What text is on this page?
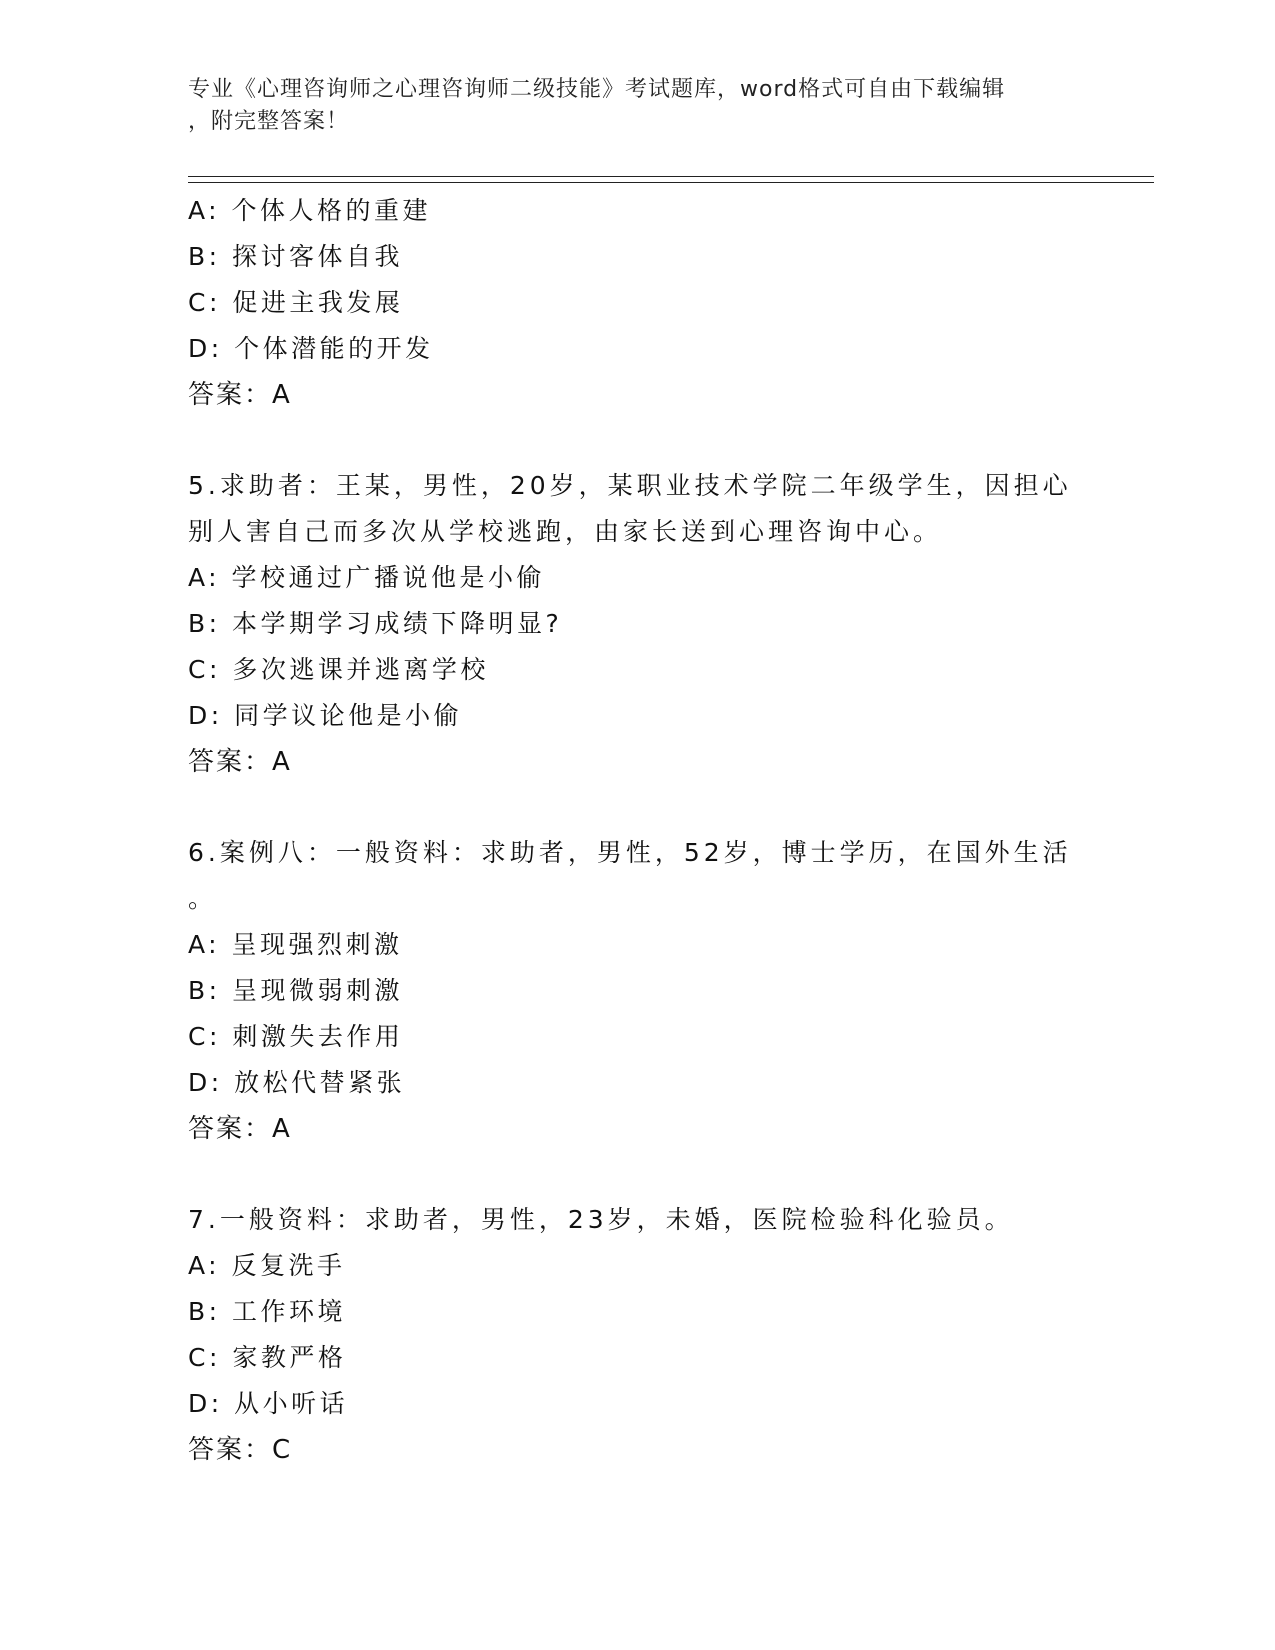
专业《心理咨询师之心理咨询师二级技能》考试题库，word格式可自由下载编辑
，附完整答案！
A: 个体人格的重建
B: 探讨客体自我
C: 促进主我发展
D: 个体潜能的开发
答案：A
5.求助者：王某，男性，20岁，某职业技术学院二年级学生，因担心
别人害自己而多次从学校逃跑，由家长送到心理咨询中心。
A: 学校通过广播说他是小偷
B: 本学期学习成绩下降明显?
C: 多次逃课并逃离学校
D: 同学议论他是小偷
答案：A
6.案例八：一般资料：求助者，男性，52岁，博士学历，在国外生活
。
A: 呈现强烈刺激
B: 呈现微弱刺激
C: 刺激失去作用
D: 放松代替紧张
答案：A
7.一般资料：求助者，男性，23岁，未婚，医院检验科化验员。
A: 反复洗手
B: 工作环境
C: 家教严格
D: 从小听话
答案：C
